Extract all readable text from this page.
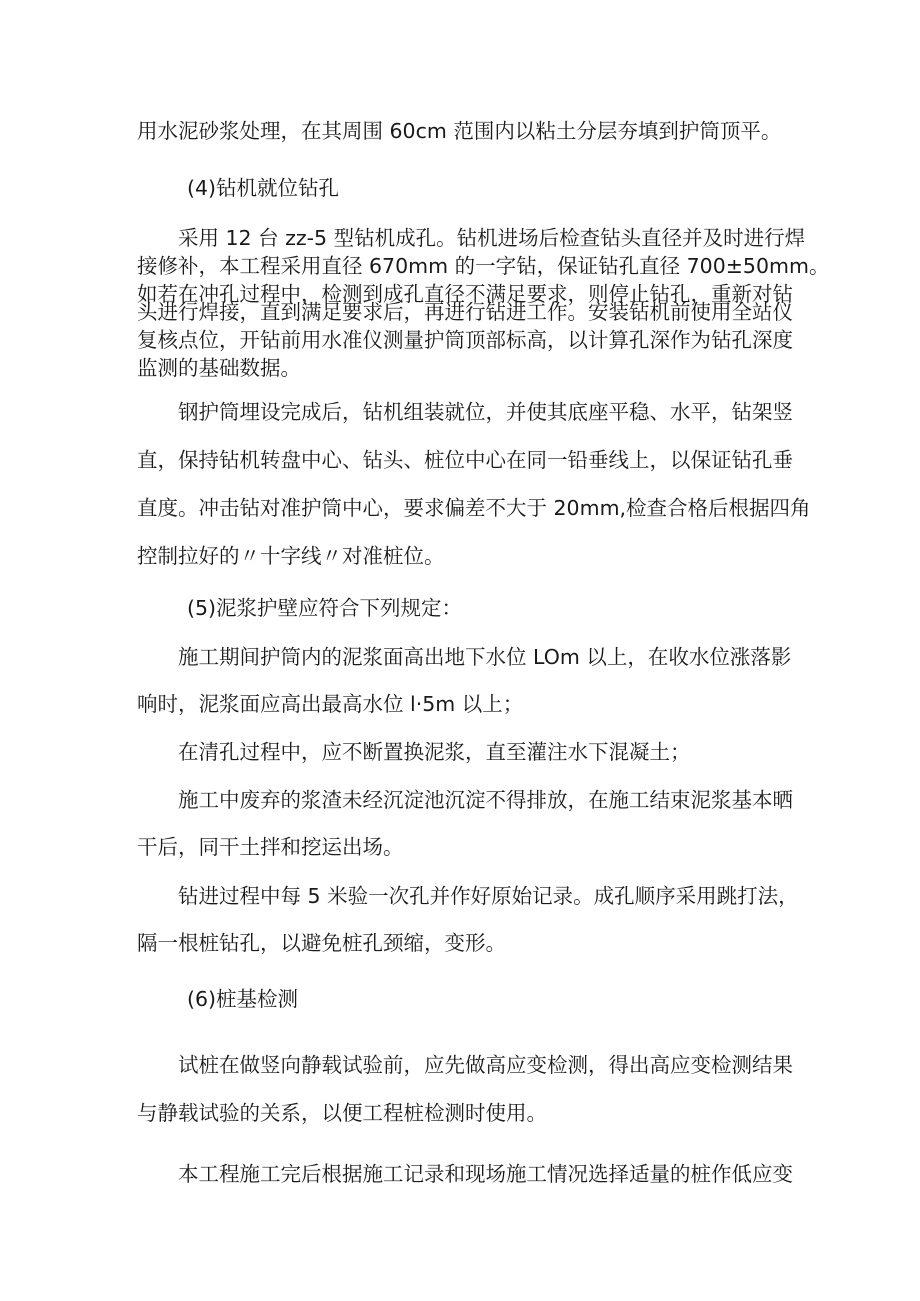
用水泥砂浆处理，在其周围 60cm 范围内以粘土分层夯填到护筒顶平。

(4)钻机就位钻孔

采用 12 台 zz-5 型钻机成孔。钻机进场后检查钻头直径并及时进行焊

接修补，本工程采用直径 670mm 的一字钻，保证钻孔直径 700±50mm。

如若在冲孔过程中，检测到成孔直径不满足要求，则停止钻孔，重新对钻

头进行焊接，直到满足要求后，再进行钻进工作。安装钻机前使用全站仪

复核点位，开钻前用水准仪测量护筒顶部标高，以计算孔深作为钻孔深度

监测的基础数据。

钢护筒埋设完成后，钻机组装就位，并使其底座平稳、水平，钻架竖

直，保持钻机转盘中心、钻头、桩位中心在同一铅垂线上，以保证钻孔垂

直度。冲击钻对准护筒中心，要求偏差不大于 20mm,检查合格后根据四角

控制拉好的〃十字线〃对准桩位。

(5)泥浆护壁应符合下列规定：

施工期间护筒内的泥浆面高出地下水位 LOm 以上，在收水位涨落影

响时，泥浆面应高出最高水位 l·5m 以上；

在清孔过程中，应不断置换泥浆，直至灌注水下混凝土；

施工中废弃的浆渣未经沉淀池沉淀不得排放，在施工结束泥浆基本晒

干后，同干土拌和挖运出场。

钻进过程中每 5 米验一次孔并作好原始记录。成孔顺序采用跳打法，

隔一根桩钻孔，以避免桩孔颈缩，变形。

(6)桩基检测

试桩在做竖向静载试验前，应先做高应变检测，得出高应变检测结果

与静载试验的关系，以便工程桩检测时使用。

本工程施工完后根据施工记录和现场施工情况选择适量的桩作低应变
